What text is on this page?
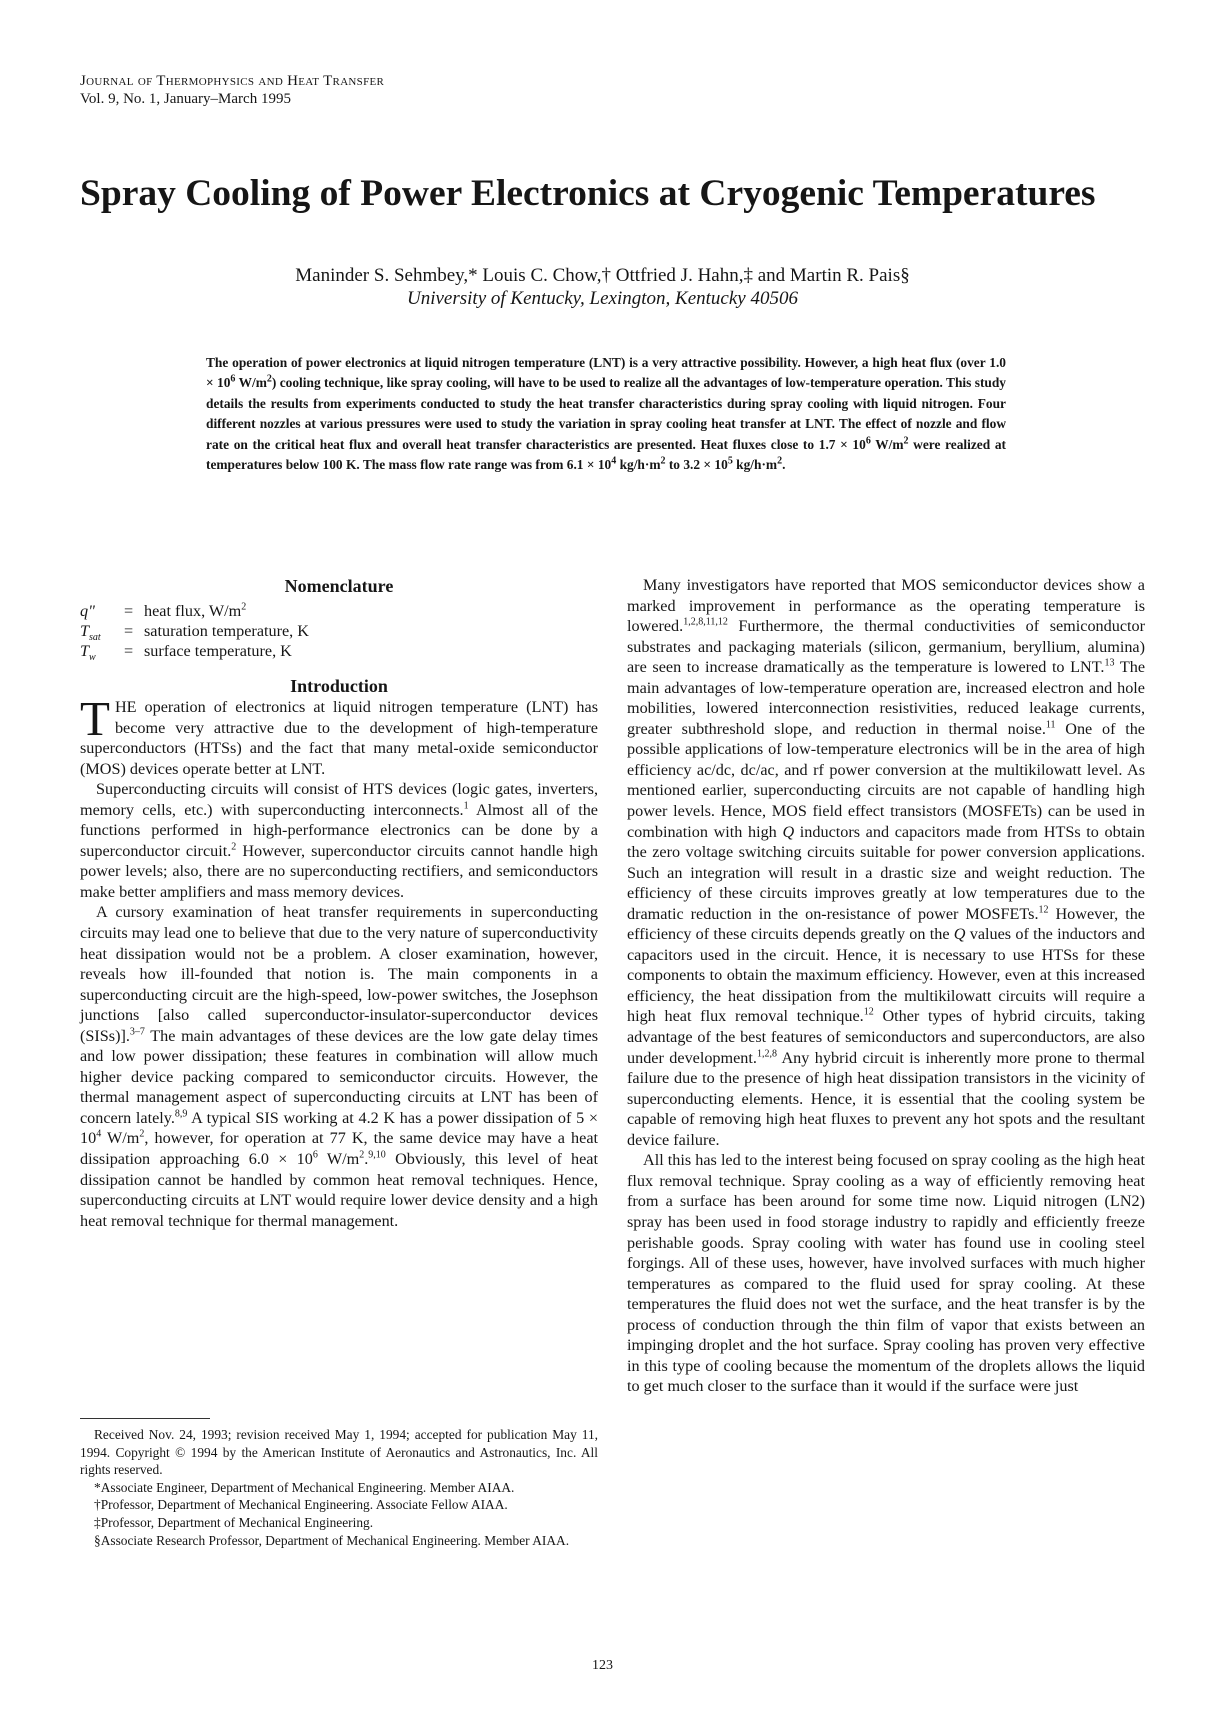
Journal of Thermophysics and Heat Transfer
Vol. 9, No. 1, January–March 1995
Spray Cooling of Power Electronics at Cryogenic Temperatures
Maninder S. Sehmbey,* Louis C. Chow,† Ottfried J. Hahn,‡ and Martin R. Pais§
University of Kentucky, Lexington, Kentucky 40506
The operation of power electronics at liquid nitrogen temperature (LNT) is a very attractive possibility. However, a high heat flux (over $1.0 \times 10^6$ $W/m^2$) cooling technique, like spray cooling, will have to be used to realize all the advantages of low-temperature operation. This study details the results from experiments conducted to study the heat transfer characteristics during spray cooling with liquid nitrogen. Four different nozzles at various pressures were used to study the variation in spray cooling heat transfer at LNT. The effect of nozzle and flow rate on the critical heat flux and overall heat transfer characteristics are presented. Heat fluxes close to $1.7 \times 10^6$ $W/m^2$ were realized at temperatures below 100 K. The mass flow rate range was from $6.1 \times 10^4$ $kg/h\cdot m^2$ to $3.2 \times 10^5$ $kg/h\cdot m^2$.
Nomenclature
q"	= heat flux, $W/m^2$
$T_{sat}$	= saturation temperature, K
$T_w$	= surface temperature, K
Introduction

THE operation of electronics at liquid nitrogen temperature (LNT) has become very attractive due to the development of high-temperature superconductors (HTSs) and the fact that many metal-oxide semiconductor (MOS) devices operate better at LNT.

Superconducting circuits will consist of HTS devices (logic gates, inverters, memory cells, etc.) with superconducting interconnects.$^1$ Almost all of the functions performed in high-performance electronics can be done by a superconductor circuit.$^2$ However, superconductor circuits cannot handle high power levels; also, there are no superconducting rectifiers, and semiconductors make better amplifiers and mass memory devices.

A cursory examination of heat transfer requirements in superconducting circuits may lead one to believe that due to the very nature of superconductivity heat dissipation would not be a problem. A closer examination, however, reveals how ill-founded that notion is. The main components in a superconducting circuit are the high-speed, low-power switches, the Josephson junctions [also called superconductor-insulator-superconductor devices (SISs)].$^{3-7}$ The main advantages of these devices are the low gate delay times and low power dissipation; these features in combination will allow much higher device packing compared to semiconductor circuits. However, the thermal management aspect of superconducting circuits at LNT has been of concern lately.$^{8,9}$ A typical SIS working at 4.2 K has a power dissipation of $5 \times 10^4$ $W/m^2$, however, for operation at 77 K, the same device may have a heat dissipation approaching $6.0 \times 10^6$ $W/m^2.^{9,10}$ Obviously, this level of heat dissipation cannot be handled by common heat removal techniques. Hence, superconducting circuits at LNT would require lower device density and a high heat removal technique for thermal management.

Received Nov. 24, 1993; revision received May 1, 1994; accepted for publication May 11, 1994. Copyright © 1994 by the American Institute of Aeronautics and Astronautics, Inc. All rights reserved.

*Associate Engineer, Department of Mechanical Engineering. Member AIAA.

†Professor, Department of Mechanical Engineering. Associate Fellow AIAA.

‡Professor, Department of Mechanical Engineering.

§Associate Research Professor, Department of Mechanical Engineering. Member AIAA.

Many investigators have reported that MOS semiconductor devices show a marked improvement in performance as the operating temperature is lowered.$^{1,2,8,11,12}$ Furthermore, the thermal conductivities of semiconductor substrates and packaging materials (silicon, germanium, beryllium, alumina) are seen to increase dramatically as the temperature is lowered to LNT.$^{13}$ The main advantages of low-temperature operation are, increased electron and hole mobilities, lowered interconnection resistivities, reduced leakage currents, greater subthreshold slope, and reduction in thermal noise.$^{11}$ One of the possible applications of low-temperature electronics will be in the area of high efficiency ac/dc, dc/ac, and rf power conversion at the multikilowatt level. As mentioned earlier, superconducting circuits are not capable of handling high power levels. Hence, MOS field effect transistors (MOSFETs) can be used in combination with high Q inductors and capacitors made from HTSs to obtain the zero voltage switching circuits suitable for power conversion applications. Such an integration will result in a drastic size and weight reduction. The efficiency of these circuits improves greatly at low temperatures due to the dramatic reduction in the on-resistance of power MOSFETs.$^{12}$ However, the efficiency of these circuits depends greatly on the Q values of the inductors and capacitors used in the circuit. Hence, it is necessary to use HTSs for these components to obtain the maximum efficiency. However, even at this increased efficiency, the heat dissipation from the multikilowatt circuits will require a high heat flux removal technique.$^{12}$ Other types of hybrid circuits, taking advantage of the best features of semiconductors and superconductors, are also under development.$^{1,2,8}$ Any hybrid circuit is inherently more prone to thermal failure due to the presence of high heat dissipation transistors in the vicinity of superconducting elements. Hence, it is essential that the cooling system be capable of removing high heat fluxes to prevent any hot spots and the resultant device failure.

All this has led to the interest being focused on spray cooling as the high heat flux removal technique. Spray cooling as a way of efficiently removing heat from a surface has been around for some time now. Liquid nitrogen (LN2) spray has been used in food storage industry to rapidly and efficiently freeze perishable goods. Spray cooling with water has found use in cooling steel forgings. All of these uses, however, have involved surfaces with much higher temperatures as compared to the fluid used for spray cooling. At these temperatures the fluid does not wet the surface, and the heat transfer is by the process of conduction through the thin film of vapor that exists between an impinging droplet and the hot surface. Spray cooling has proven very effective in this type of cooling because the momentum of the droplets allows the liquid to get much closer to the surface than it would if the surface were just

123
